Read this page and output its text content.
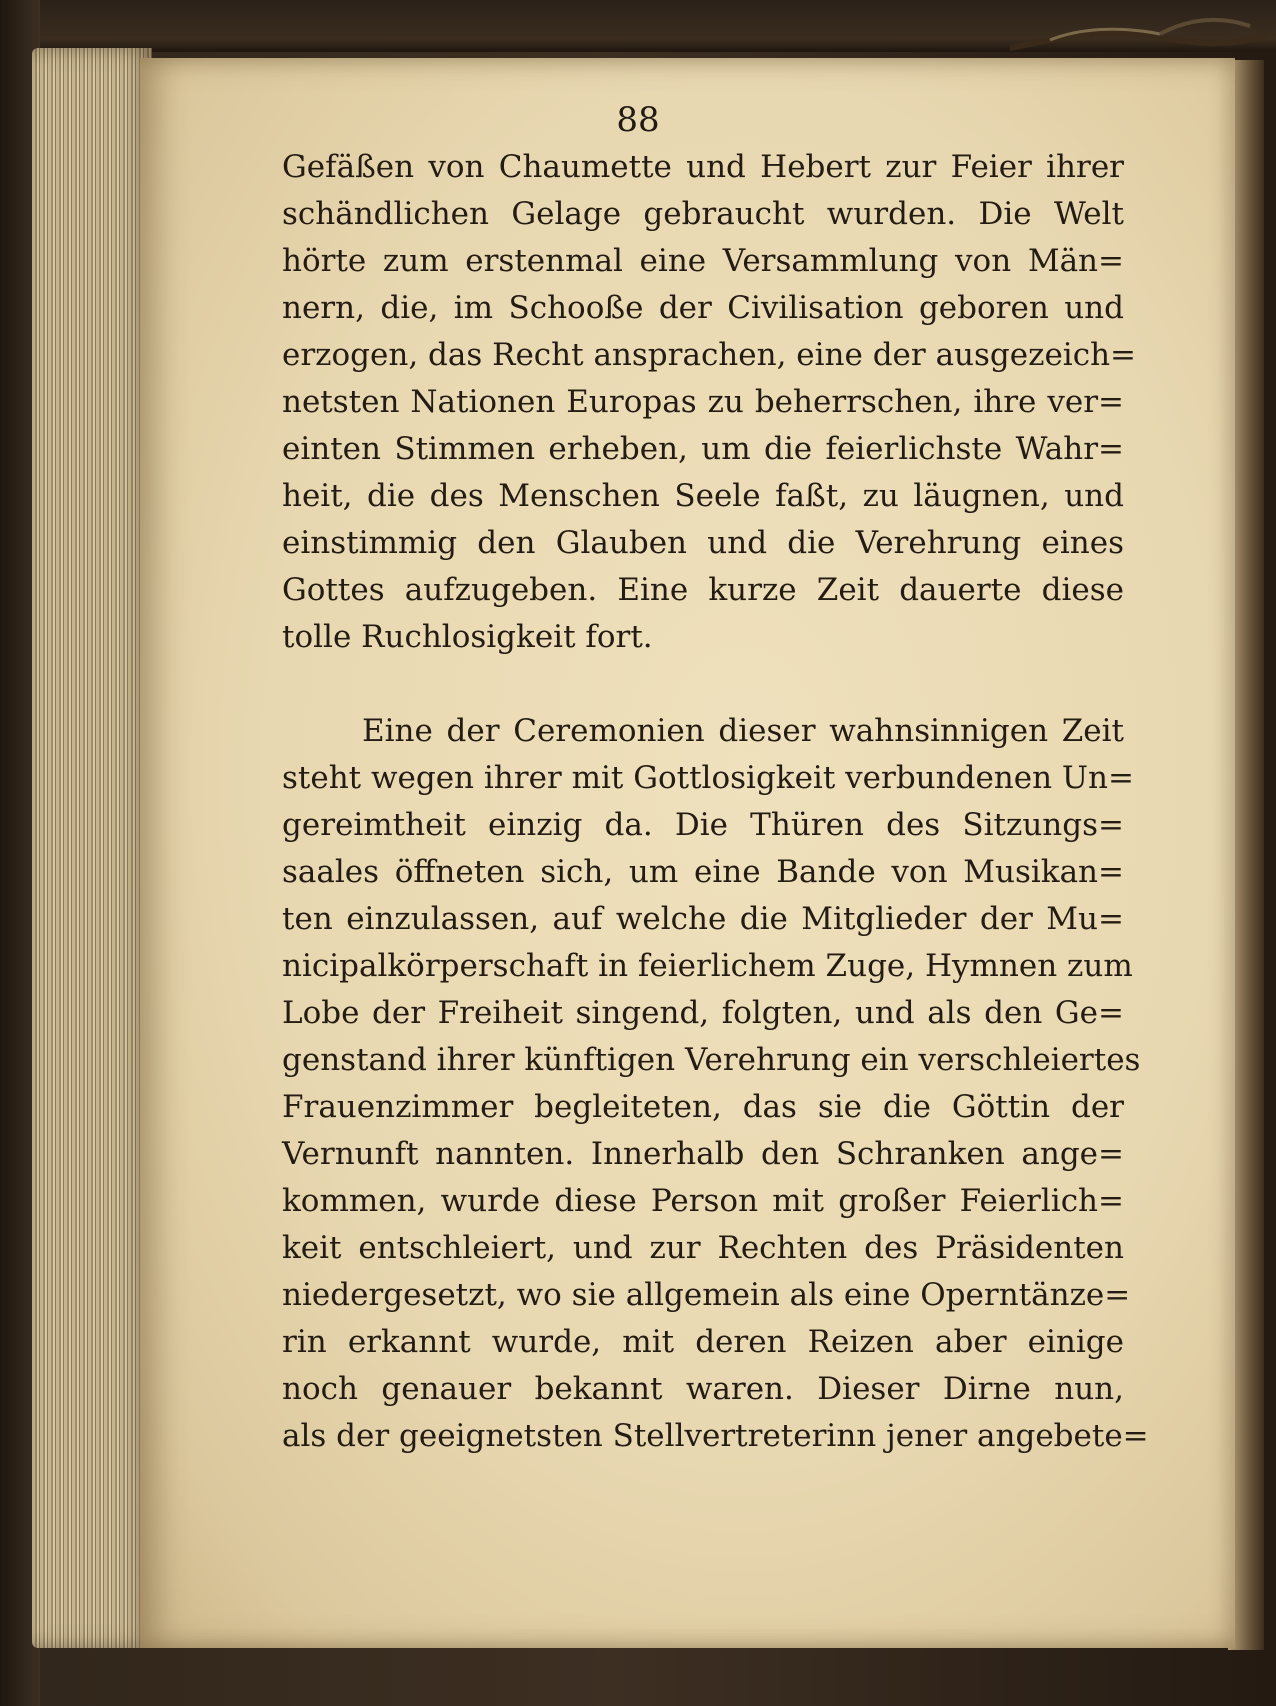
88

Gefäßen von Chaumette und Hebert zur Feier ihrer
schändlichen Gelage gebraucht wurden. Die Welt
hörte zum erstenmal eine Versammlung von Män=
nern, die, im Schooße der Civilisation geboren und
erzogen, das Recht ansprachen, eine der ausgezeich=
netsten Nationen Europas zu beherrschen, ihre ver=
einten Stimmen erheben, um die feierlichste Wahr=
heit, die des Menschen Seele faßt, zu läugnen, und
einstimmig den Glauben und die Verehrung eines
Gottes aufzugeben. Eine kurze Zeit dauerte diese
tolle Ruchlosigkeit fort.
Eine der Ceremonien dieser wahnsinnigen Zeit
steht wegen ihrer mit Gottlosigkeit verbundenen Un=
gereimtheit einzig da. Die Thüren des Sitzungs=
saales öffneten sich, um eine Bande von Musikan=
ten einzulassen, auf welche die Mitglieder der Mu=
nicipalkörperschaft in feierlichem Zuge, Hymnen zum
Lobe der Freiheit singend, folgten, und als den Ge=
genstand ihrer künftigen Verehrung ein verschleiertes
Frauenzimmer begleiteten, das sie die Göttin der
Vernunft nannten. Innerhalb den Schranken ange=
kommen, wurde diese Person mit großer Feierlich=
keit entschleiert, und zur Rechten des Präsidenten
niedergesetzt, wo sie allgemein als eine Operntänze=
rin erkannt wurde, mit deren Reizen aber einige
noch genauer bekannt waren. Dieser Dirne nun,
als der geeignetsten Stellvertreterinn jener angebete=
